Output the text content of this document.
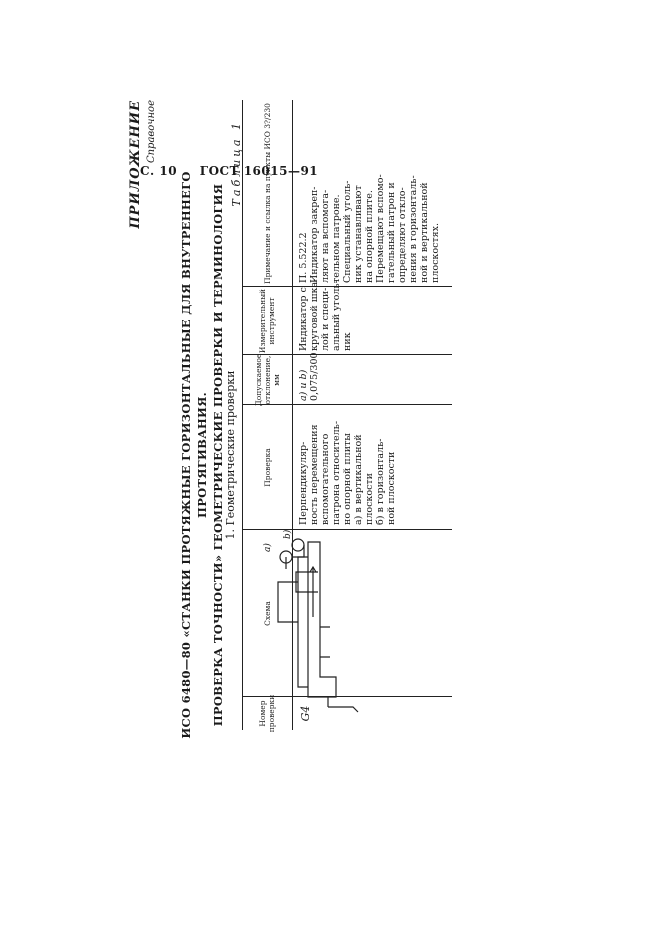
С. 10 ГОСТ 16015—91
ПРИЛОЖЕНИЕ Справочное
ИСО 6480—80 «СТАНКИ ПРОТЯЖНЫЕ ГОРИЗОНТАЛЬНЫЕ ДЛЯ ВНУТРЕННЕГО ПРОТЯГИВАНИЯ. ПРОВЕРКА ТОЧНОСТИ» ГЕОМЕТРИЧЕСКИЕ ПРОВЕРКИ И ТЕРМИНОЛОГИЯ 1. Геометрические проверки
Таблица 1
Номер проверки
Схема
Проверка
Допускаемое отклонение, мм
Измерительный инструмент
Примечание и ссылка на пункты ИСО 3?/230
G4
a)
b)
Перпендикуляр- ность перемещения вспомогательного патрона относитель- но опорной плиты а) в вертикальной плоскости б) в горизонталь- ной плоскости
а) и b) 0,075/300
Индикатор с круговой шка- лой и специ- альный уголь- ник
П. 5.522.2 Индикатор закреп- ляют на вспомога- тельном патроне. Специальный уголь- ник устанавливают на опорной плите. Перемещают вспомо- гательный патрон и определяют откло- нения в горизонталь- ной и вертикальной плоскостях.
